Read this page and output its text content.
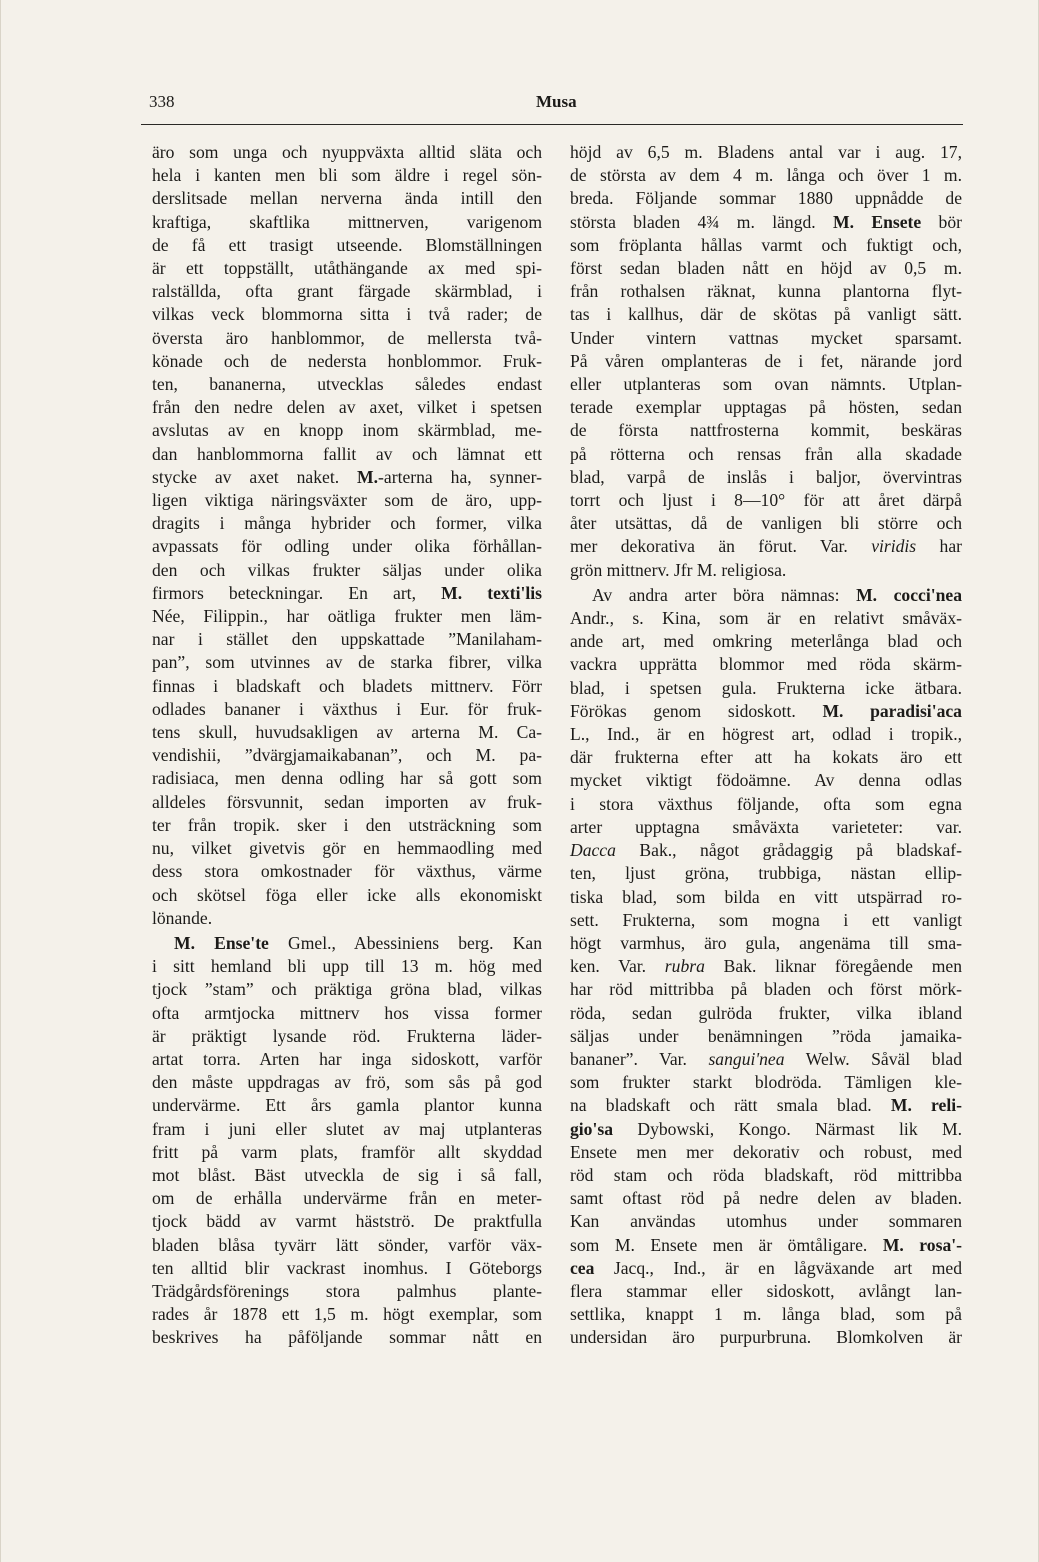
338	Musa

äro som unga och nyuppväxta alltid släta och
hela i kanten men bli som äldre i regel sön-
derslitsade mellan nerverna ända intill den
kraftiga, skaftlika mittnerven, varigenom
de få ett trasigt utseende. Blomställningen
är ett toppställt, utåthängande ax med spi-
ralställda, ofta grant färgade skärmblad, i
vilkas veck blommorna sitta i två rader; de
översta äro hanblommor, de mellersta två-
könade och de nedersta honblommor. Fruk-
ten, bananerna, utvecklas således endast
från den nedre delen av axet, vilket i spetsen
avslutas av en knopp inom skärmblad, me-
dan hanblommorna fallit av och lämnat ett
stycke av axet naket. M.-arterna ha, synner-
ligen viktiga näringsväxter som de äro, upp-
dragits i många hybrider och former, vilka
avpassats för odling under olika förhållan-
den och vilkas frukter säljas under olika
firmors beteckningar. En art, M. texti'lis
Née, Filippin., har oätliga frukter men läm-
nar i stället den uppskattade ”Manilaham-
pan”, som utvinnes av de starka fibrer, vilka
finnas i bladskaft och bladets mittnerv. Förr
odlades bananer i växthus i Eur. för fruk-
tens skull, huvudsakligen av arterna M. Ca-
vendishii, ”dvärgjamaikabanan”, och M. pa-
radisiaca, men denna odling har så gott som
alldeles försvunnit, sedan importen av fruk-
ter från tropik. sker i den utsträckning som
nu, vilket givetvis gör en hemmaodling med
dess stora omkostnader för växthus, värme
och skötsel föga eller icke alls ekonomiskt
lönande.

M. Ense'te Gmel., Abessiniens berg. Kan
i sitt hemland bli upp till 13 m. hög med
tjock ”stam” och präktiga gröna blad, vilkas
ofta armtjocka mittnerv hos vissa former
är präktigt lysande röd. Frukterna läder-
artat torra. Arten har inga sidoskott, varför
den måste uppdragas av frö, som sås på god
undervärme. Ett års gamla plantor kunna
fram i juni eller slutet av maj utplanteras
fritt på varm plats, framför allt skyddad
mot blåst. Bäst utveckla de sig i så fall,
om de erhålla undervärme från en meter-
tjock bädd av varmt hästströ. De praktfulla
bladen blåsa tyvärr lätt sönder, varför väx-
ten alltid blir vackrast inomhus. I Göteborgs
Trädgårdsförenings stora palmhus plante-
rades år 1878 ett 1,5 m. högt exemplar, som
beskrives ha påföljande sommar nått en

höjd av 6,5 m. Bladens antal var i aug. 17,
de största av dem 4 m. långa och över 1 m.
breda. Följande sommar 1880 uppnådde de
största bladen 4¾ m. längd. M. Ensete bör
som fröplanta hållas varmt och fuktigt och,
först sedan bladen nått en höjd av 0,5 m.
från rothalsen räknat, kunna plantorna flyt-
tas i kallhus, där de skötas på vanligt sätt.
Under vintern vattnas mycket sparsamt.
På våren omplanteras de i fet, närande jord
eller utplanteras som ovan nämnts. Utplan-
terade exemplar upptagas på hösten, sedan
de första nattfrosterna kommit, beskäras
på rötterna och rensas från alla skadade
blad, varpå de inslås i baljor, övervintras
torrt och ljust i 8—10° för att året därpå
åter utsättas, då de vanligen bli större och
mer dekorativa än förut. Var. viridis har
grön mittnerv. Jfr M. religiosa.

Av andra arter böra nämnas: M. cocci'nea
Andr., s. Kina, som är en relativt småväx-
ande art, med omkring meterlånga blad och
vackra upprätta blommor med röda skärm-
blad, i spetsen gula. Frukterna icke ätbara.
Förökas genom sidoskott. M. paradisi'aca
L., Ind., är en högrest art, odlad i tropik.,
där frukterna efter att ha kokats äro ett
mycket viktigt födoämne. Av denna odlas
i stora växthus följande, ofta som egna
arter upptagna småväxta varieteter: var.
Dacca Bak., något grådaggig på bladskaf-
ten, ljust gröna, trubbiga, nästan ellip-
tiska blad, som bilda en vitt utspärrad ro-
sett. Frukterna, som mogna i ett vanligt
högt varmhus, äro gula, angenäma till sma-
ken. Var. rubra Bak. liknar föregående men
har röd mittribba på bladen och först mörk-
röda, sedan gulröda frukter, vilka ibland
säljas under benämningen ”röda jamaika-
bananer”. Var. sangui'nea Welw. Såväl blad
som frukter starkt blodröda. Tämligen kle-
na bladskaft och rätt smala blad. M. reli-
gio'sa Dybowski, Kongo. Närmast lik M.
Ensete men mer dekorativ och robust, med
röd stam och röda bladskaft, röd mittribba
samt oftast röd på nedre delen av bladen.
Kan användas utomhus under sommaren
som M. Ensete men är ömtåligare. M. rosa'-
cea Jacq., Ind., är en lågväxande art med
flera stammar eller sidoskott, avlångt lan-
settlika, knappt 1 m. långa blad, som på
undersidan äro purpurbruna. Blomkolven är
